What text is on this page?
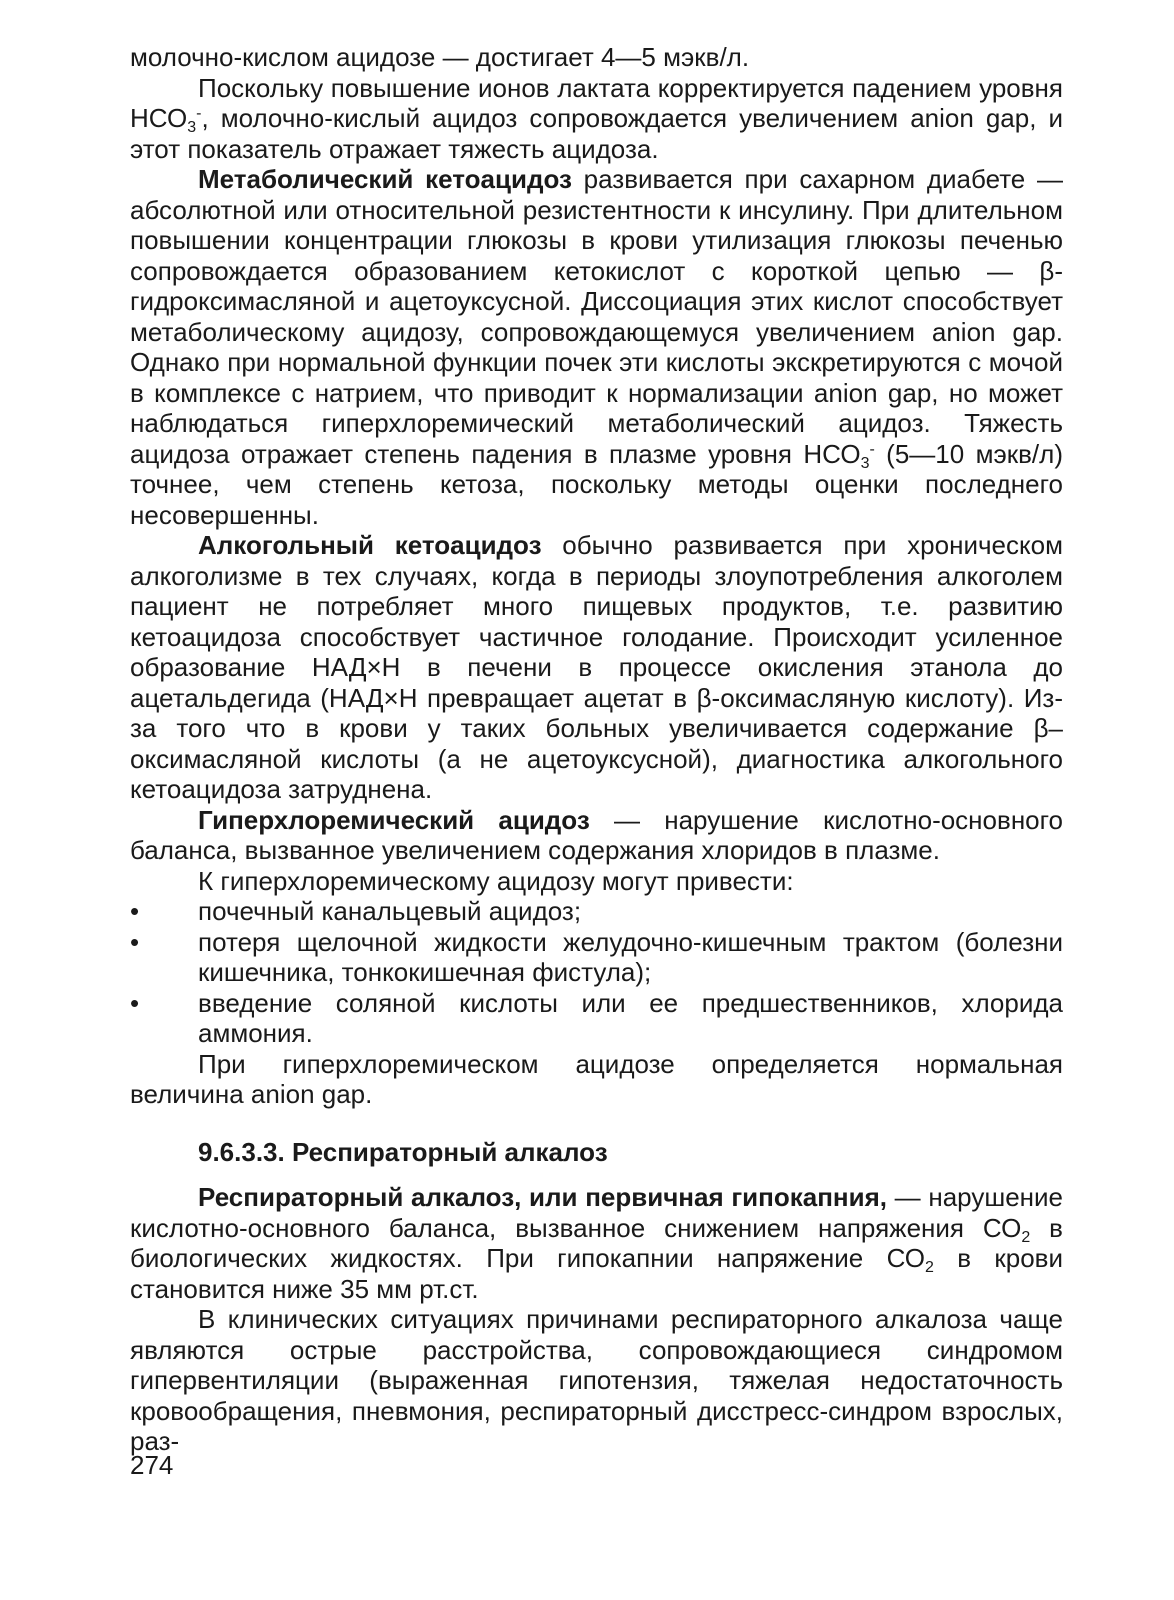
молочно-кислом ацидозе — достигает 4—5 мэкв/л.

Поскольку повышение ионов лактата корректируется падением уровня $НСО_3^-$, молочно-кислый ацидоз сопровождается увеличением anion gap, и этот показатель отражает тяжесть ацидоза.

Метаболический кетоацидоз развивается при сахарном диабете — абсолютной или относительной резистентности к инсулину. При длительном повышении концентрации глюкозы в крови утилизация глюкозы печенью сопровождается образованием кетокислот с короткой цепью — β-гидроксимасляной и ацетоуксусной. Диссоциация этих кислот способствует метаболическому ацидозу, сопровождающемуся увеличением anion gap. Однако при нормальной функции почек эти кислоты экскретируются с мочой в комплексе с натрием, что приводит к нормализации anion gap, но может наблюдаться гиперхлоремический метаболический ацидоз. Тяжесть ацидоза отражает степень падения в плазме уровня $НСО_3^-$ (5—10 мэкв/л) точнее, чем степень кетоза, поскольку методы оценки последнего несовершенны.

Алкогольный кетоацидоз обычно развивается при хроническом алкоголизме в тех случаях, когда в периоды злоупотребления алкоголем пациент не потребляет много пищевых продуктов, т.е. развитию кетоацидоза способствует частичное голодание. Происходит усиленное образование НАД×Н в печени в процессе окисления этанола до ацетальдегида (НАД×Н превращает ацетат в β-оксимасляную кислоту). Из-за того что в крови у таких больных увеличивается содержание β–оксимасляной кислоты (а не ацетоуксусной), диагностика алкогольного кетоацидоза затруднена.

Гиперхлоремический ацидоз — нарушение кислотно-основного баланса, вызванное увеличением содержания хлоридов в плазме.

К гиперхлоремическому ацидозу могут привести:

•	почечный канальцевый ацидоз;
•	потеря щелочной жидкости желудочно-кишечным трактом (болезни кишечника, тонкокишечная фистула);
•	введение соляной кислоты или ее предшественников, хлорида аммония.

При гиперхлоремическом ацидозе определяется нормальная величина anion gap.

9.6.3.3. Респираторный алкалоз

Респираторный алкалоз, или первичная гипокапния, — нарушение кислотно-основного баланса, вызванное снижением напряжения $СО_2$ в биологических жидкостях. При гипокапнии напряжение $СО_2$ в крови становится ниже 35 мм рт.ст.

В клинических ситуациях причинами респираторного алкалоза чаще являются острые расстройства, сопровождающиеся синдромом гипервентиляции (выраженная гипотензия, тяжелая недостаточность кровообращения, пневмония, респираторный дисстресс-синдром взрослых, раз-

274
